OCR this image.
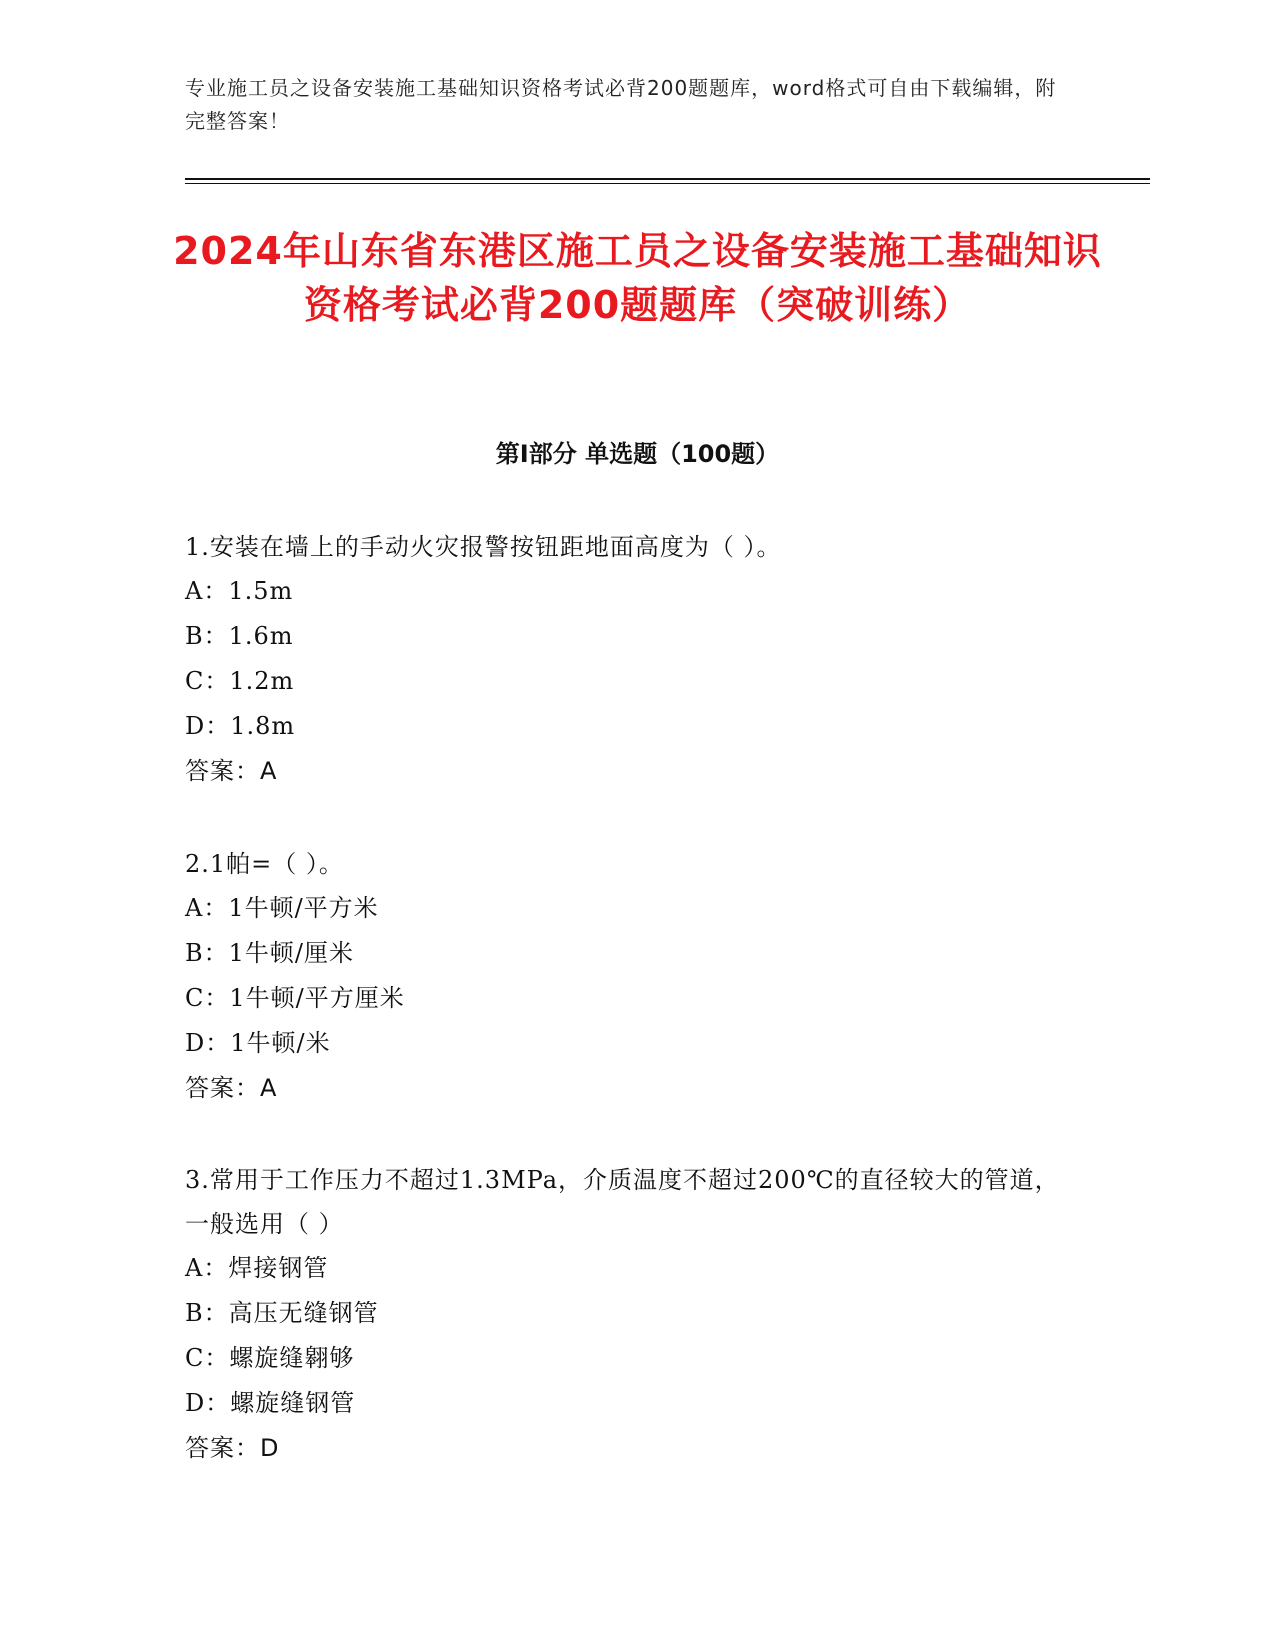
专业施工员之设备安装施工基础知识资格考试必背200题题库，word格式可自由下载编辑，附完整答案！
2024年山东省东港区施工员之设备安装施工基础知识资格考试必背200题题库（突破训练）
第I部分 单选题（100题）
1.安装在墙上的手动火灾报警按钮距地面高度为（ ）。
A：1.5m
B：1.6m
C：1.2m
D：1.8m
答案：A
2.1帕=（ ）。
A：1牛顿/平方米
B：1牛顿/厘米
C：1牛顿/平方厘米
D：1牛顿/米
答案：A
3.常用于工作压力不超过1.3MPa，介质温度不超过200℃的直径较大的管道，一般选用（ ）
A：焊接钢管
B：高压无缝钢管
C：螺旋缝翱够
D：螺旋缝钢管
答案：D
